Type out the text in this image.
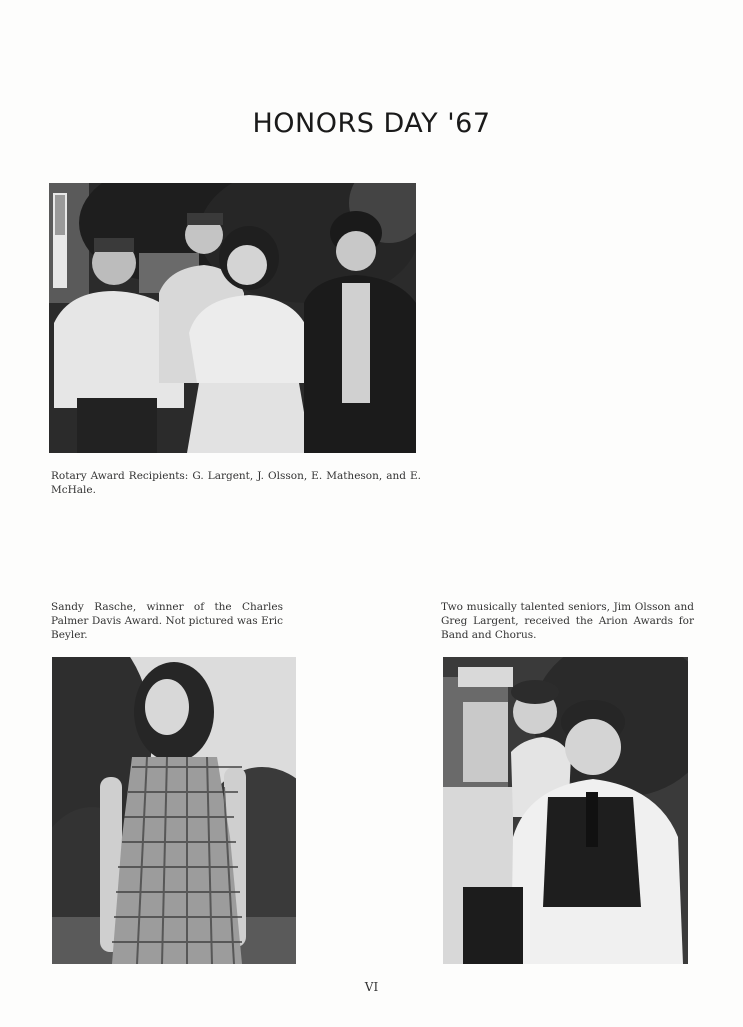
HONORS DAY '67

Rotary Award Recipients: G. Largent, J. Olsson, E. Matheson, and E. McHale.

Sandy Rasche, winner of the Charles Palmer Davis Award. Not pictured was Eric Beyler.

Two musically talented seniors, Jim Olsson and Greg Largent, received the Arion Awards for Band and Chorus.

VI
